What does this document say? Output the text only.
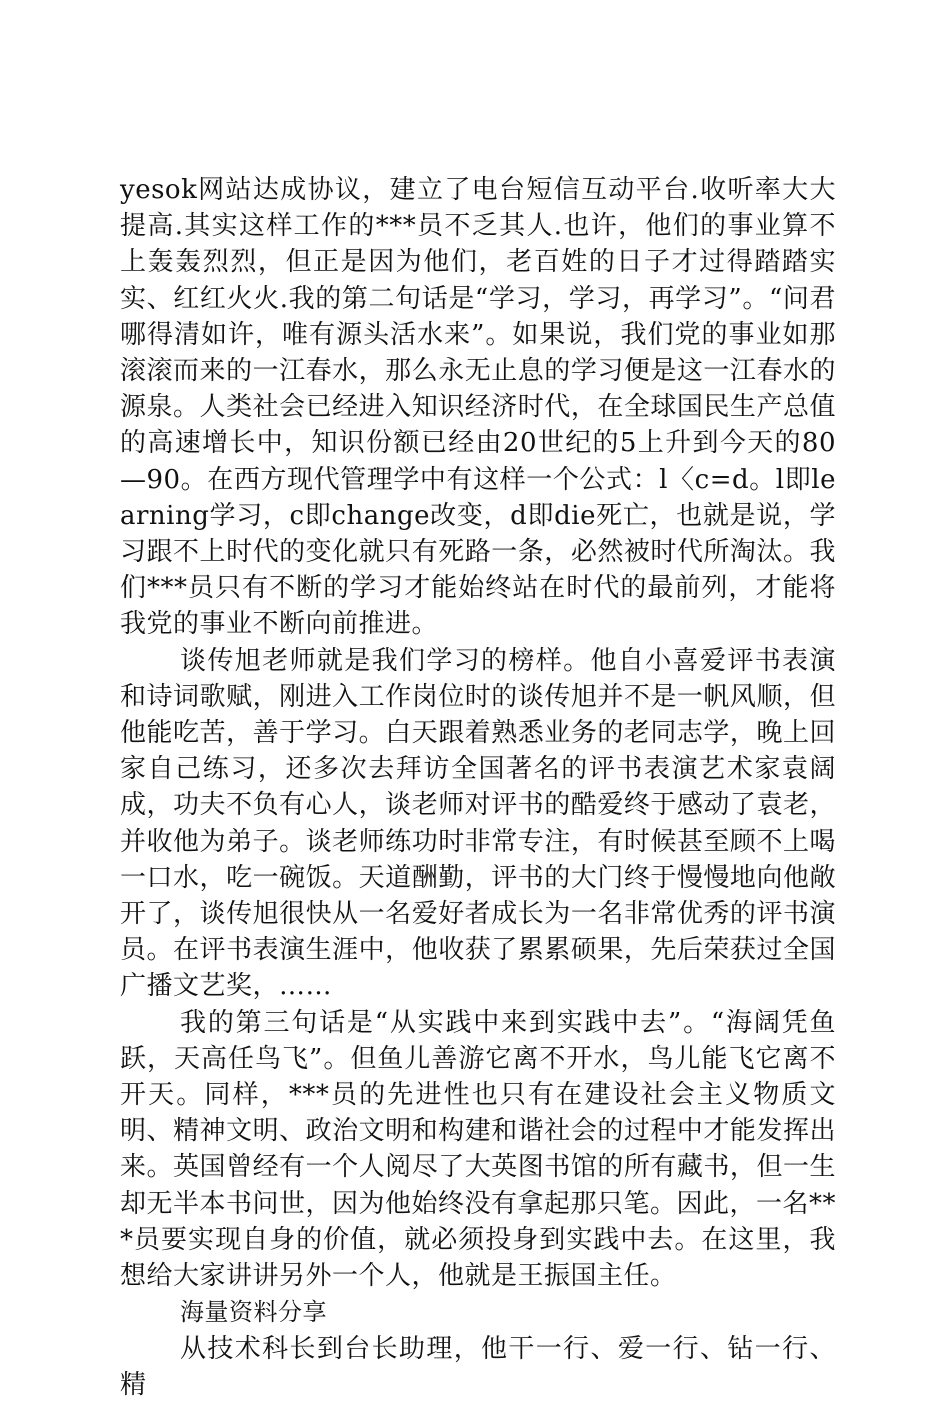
yesok网站达成协议，建立了电台短信互动平台.收听率大大提高.其实这样工作的***员不乏其人.也许，他们的事业算不上轰轰烈烈，但正是因为他们，老百姓的日子才过得踏踏实实、红红火火.我的第二句话是“学习，学习，再学习”。“问君哪得清如许，唯有源头活水来”。如果说，我们党的事业如那滚滚而来的一江春水，那么永无止息的学习便是这一江春水的源泉。人类社会已经进入知识经济时代，在全球国民生产总值的高速增长中，知识份额已经由20世纪的5上升到今天的80—90。在西方现代管理学中有这样一个公式：l〈c=d。l即learning学习，c即change改变，d即die死亡，也就是说，学习跟不上时代的变化就只有死路一条，必然被时代所淘汰。我们***员只有不断的学习才能始终站在时代的最前列，才能将我党的事业不断向前推进。

谈传旭老师就是我们学习的榜样。他自小喜爱评书表演和诗词歌赋，刚进入工作岗位时的谈传旭并不是一帆风顺，但他能吃苦，善于学习。白天跟着熟悉业务的老同志学，晚上回家自己练习，还多次去拜访全国著名的评书表演艺术家袁阔成，功夫不负有心人，谈老师对评书的酷爱终于感动了袁老，并收他为弟子。谈老师练功时非常专注，有时候甚至顾不上喝一口水，吃一碗饭。天道酬勤，评书的大门终于慢慢地向他敞开了，谈传旭很快从一名爱好者成长为一名非常优秀的评书演员。在评书表演生涯中，他收获了累累硕果，先后荣获过全国广播文艺奖，……

我的第三句话是“从实践中来到实践中去”。“海阔凭鱼跃，天高任鸟飞”。但鱼儿善游它离不开水，鸟儿能飞它离不开天。同样，***员的先进性也只有在建设社会主义物质文明、精神文明、政治文明和构建和谐社会的过程中才能发挥出来。英国曾经有一个人阅尽了大英图书馆的所有藏书，但一生却无半本书问世，因为他始终没有拿起那只笔。因此，一名***员要实现自身的价值，就必须投身到实践中去。在这里，我想给大家讲讲另外一个人，他就是王振国主任。

海量资料分享

从技术科长到台长助理，他干一行、爱一行、钻一行、精
